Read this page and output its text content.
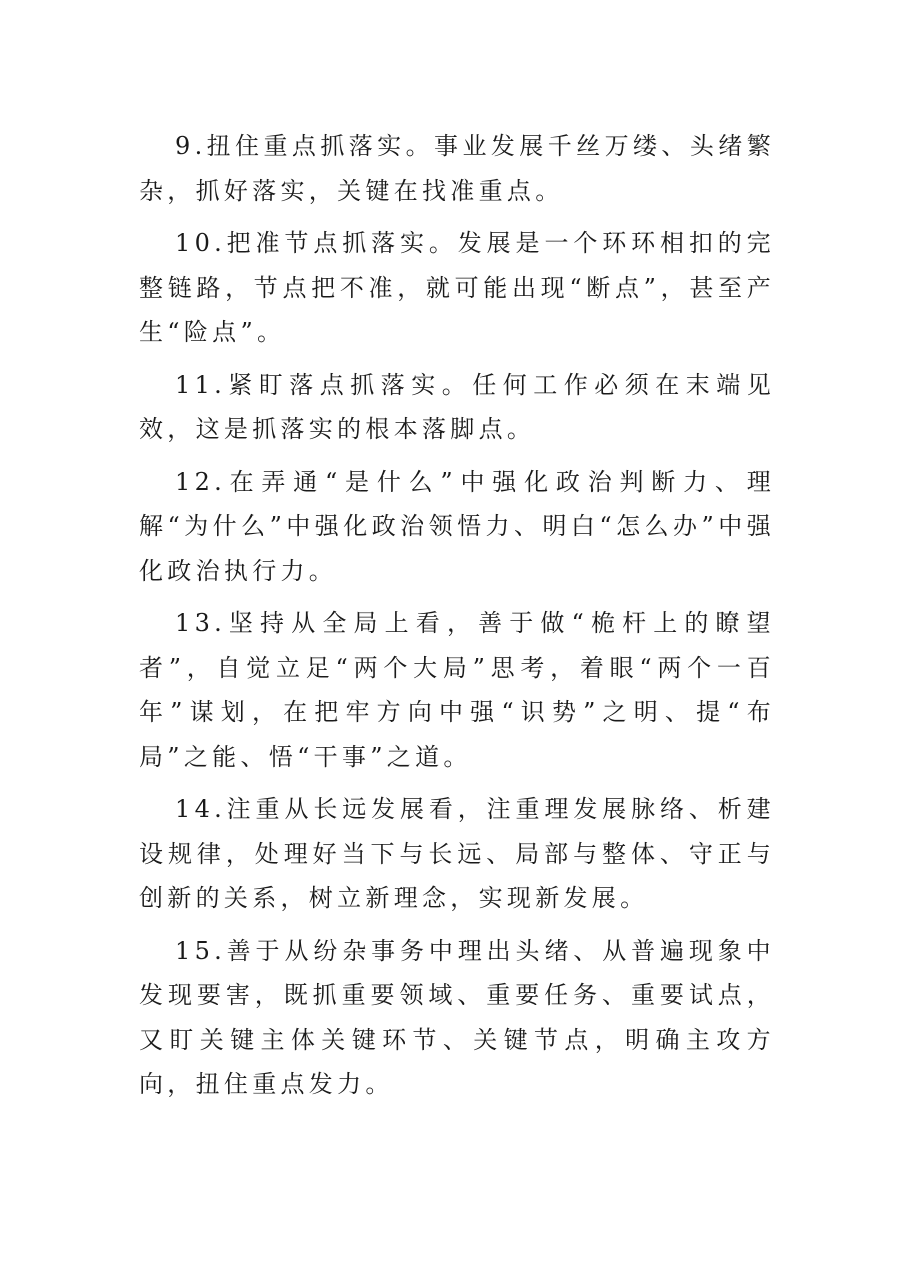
9.扭住重点抓落实。事业发展千丝万缕、头绪繁杂，抓好落实，关键在找准重点。

10.把准节点抓落实。发展是一个环环相扣的完整链路，节点把不准，就可能出现“断点”，甚至产生“险点”。

11.紧盯落点抓落实。任何工作必须在末端见效，这是抓落实的根本落脚点。

12.在弄通“是什么”中强化政治判断力、理解“为什么”中强化政治领悟力、明白“怎么办”中强化政治执行力。

13.坚持从全局上看，善于做“桅杆上的瞭望者”，自觉立足“两个大局”思考，着眼“两个一百年”谋划，在把牢方向中强“识势”之明、提“布局”之能、悟“干事”之道。

14.注重从长远发展看，注重理发展脉络、析建设规律，处理好当下与长远、局部与整体、守正与创新的关系，树立新理念，实现新发展。

15.善于从纷杂事务中理出头绪、从普遍现象中发现要害，既抓重要领域、重要任务、重要试点，又盯关键主体关键环节、关键节点，明确主攻方向，扭住重点发力。
